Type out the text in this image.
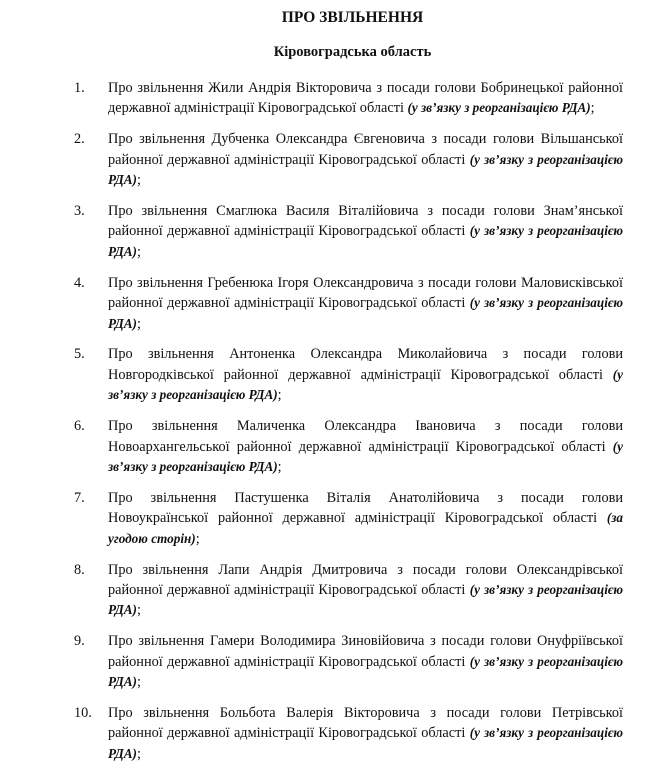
ПРО ЗВІЛЬНЕННЯ
Кіровоградська область
1.	Про звільнення Жили Андрія Вікторовича з посади голови Бобринецької районної державної адміністрації Кіровоградської області (у зв’язку з реорганізацією РДА);
2.	Про звільнення Дубченка Олександра Євгеновича з посади голови Вільшанської районної державної адміністрації Кіровоградської області (у зв’язку з реорганізацією РДА);
3.	Про звільнення Смаглюка Василя Віталійовича з посади голови Знам’янської районної державної адміністрації Кіровоградської області (у зв’язку з реорганізацією РДА);
4.	Про звільнення Гребенюка Ігоря Олександровича з посади голови Маловисківської районної державної адміністрації Кіровоградської області (у зв’язку з реорганізацією РДА);
5.	Про звільнення Антоненка Олександра Миколайовича з посади голови Новгородківської районної державної адміністрації Кіровоградської області (у зв’язку з реорганізацією РДА);
6.	Про звільнення Маличенка Олександра Івановича з посади голови Новоархангельської районної державної адміністрації Кіровоградської області (у зв’язку з реорганізацією РДА);
7.	Про звільнення Пастушенка Віталія Анатолійовича з посади голови Новоукраїнської районної державної адміністрації Кіровоградської області (за угодою сторін);
8.	Про звільнення Лапи Андрія Дмитровича з посади голови Олександрівської районної державної адміністрації Кіровоградської області (у зв’язку з реорганізацією РДА);
9.	Про звільнення Гамери Володимира Зиновійовича з посади голови Онуфріївської районної державної адміністрації Кіровоградської області (у зв’язку з реорганізацією РДА);
10.	Про звільнення Больбота Валерія Вікторовича з посади голови Петрівської районної державної адміністрації Кіровоградської області (у зв’язку з реорганізацією РДА);
